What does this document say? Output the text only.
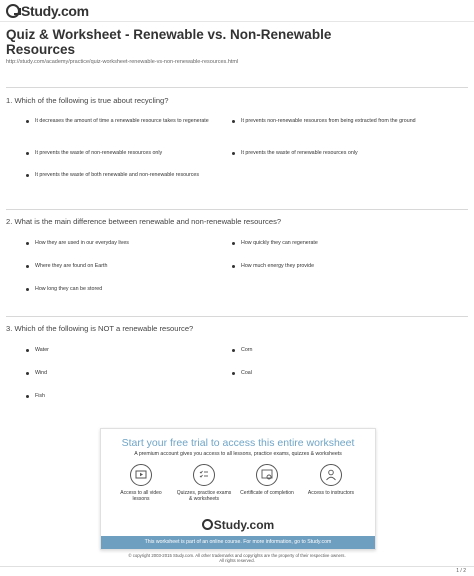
Study.com
Quiz & Worksheet - Renewable vs. Non-Renewable
Resources
http://study.com/academy/practice/quiz-worksheet-renewable-vs-non-renewable-resources.html
1. Which of the following is true about recycling?
It decreases the amount of time a renewable resource takes to regenerate	It prevents non-renewable resources from being extracted from the ground
It prevents the waste of non-renewable resources only	It prevents the waste of renewable resources only
It prevents the waste of both renewable and non-renewable resources
2. What is the main difference between renewable and non-renewable resources?
How they are used in our everyday lives	How quickly they can regenerate
Where they are found on Earth	How much energy they provide
How long they can be stored
3. Which of the following is NOT a renewable resource?
Water	Corn
Wind	Coal
Fish
Start your free trial to access this entire worksheet
A premium account gives you access to all lessons, practice exams, quizzes & worksheets
Access to all video lessons
Quizzes, practice exams & worksheets
Certificate of completion	Access to instructors
Study.com
This worksheet is part of an online course. For more information, go to Study.com
© copyright 2003-2015 Study.com. All other trademarks and copyrights are the property of their respective owners.
All rights reserved.
1 / 2
